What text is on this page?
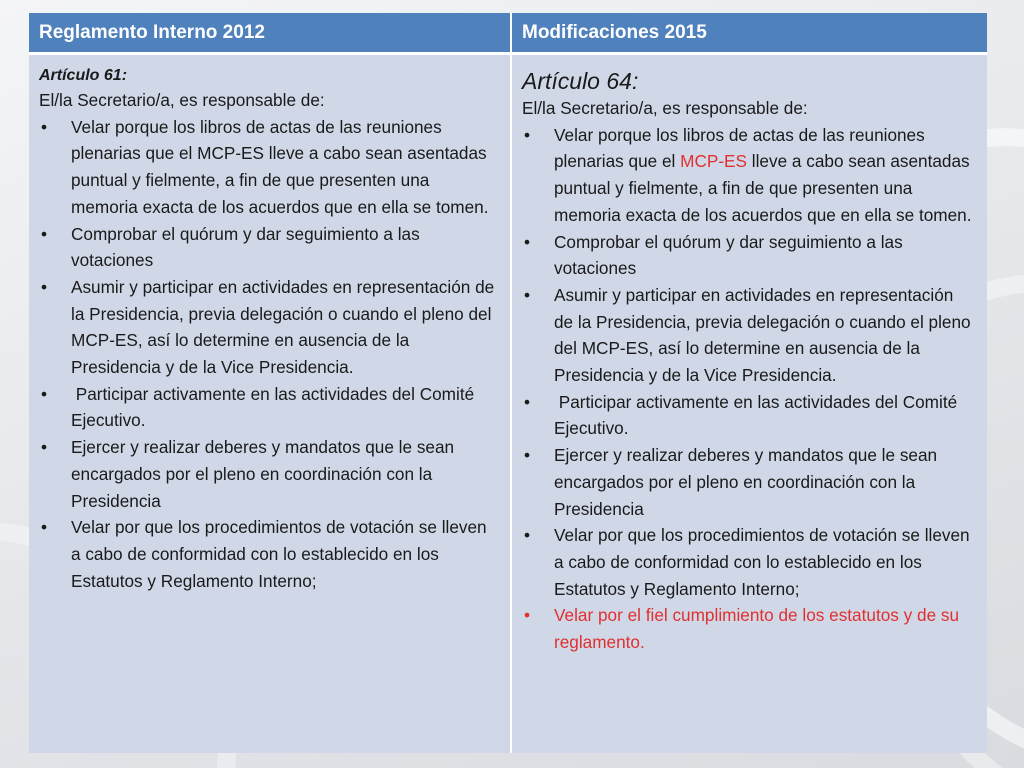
Reglamento Interno 2012	Modificaciones 2015
Artículo 61:
El/la Secretario/a, es responsable de:
• Velar porque los libros de actas de las reuniones plenarias que el MCP-ES lleve a cabo sean asentadas puntual y fielmente, a fin de que presenten una memoria exacta de los acuerdos que en ella se tomen.
• Comprobar el quórum y dar seguimiento a las votaciones
• Asumir y participar en actividades en representación de la Presidencia, previa delegación o cuando el pleno del MCP-ES, así lo determine en ausencia de la Presidencia y de la Vice Presidencia.
• Participar activamente en las actividades del Comité Ejecutivo.
• Ejercer y realizar deberes y mandatos que le sean encargados por el pleno en coordinación con la Presidencia
• Velar por que los procedimientos de votación se lleven a cabo de conformidad con lo establecido en los Estatutos y Reglamento Interno;
Artículo 64:
El/la Secretario/a, es responsable de:
• Velar porque los libros de actas de las reuniones plenarias que el MCP-ES lleve a cabo sean asentadas puntual y fielmente, a fin de que presenten una memoria exacta de los acuerdos que en ella se tomen.
• Comprobar el quórum y dar seguimiento a las votaciones
• Asumir y participar en actividades en representación de la Presidencia, previa delegación o cuando el pleno del MCP-ES, así lo determine en ausencia de la Presidencia y de la Vice Presidencia.
• Participar activamente en las actividades del Comité Ejecutivo.
• Ejercer y realizar deberes y mandatos que le sean encargados por el pleno en coordinación con la Presidencia
• Velar por que los procedimientos de votación se lleven a cabo de conformidad con lo establecido en los Estatutos y Reglamento Interno;
• Velar por el fiel cumplimiento de los estatutos y de su reglamento.
